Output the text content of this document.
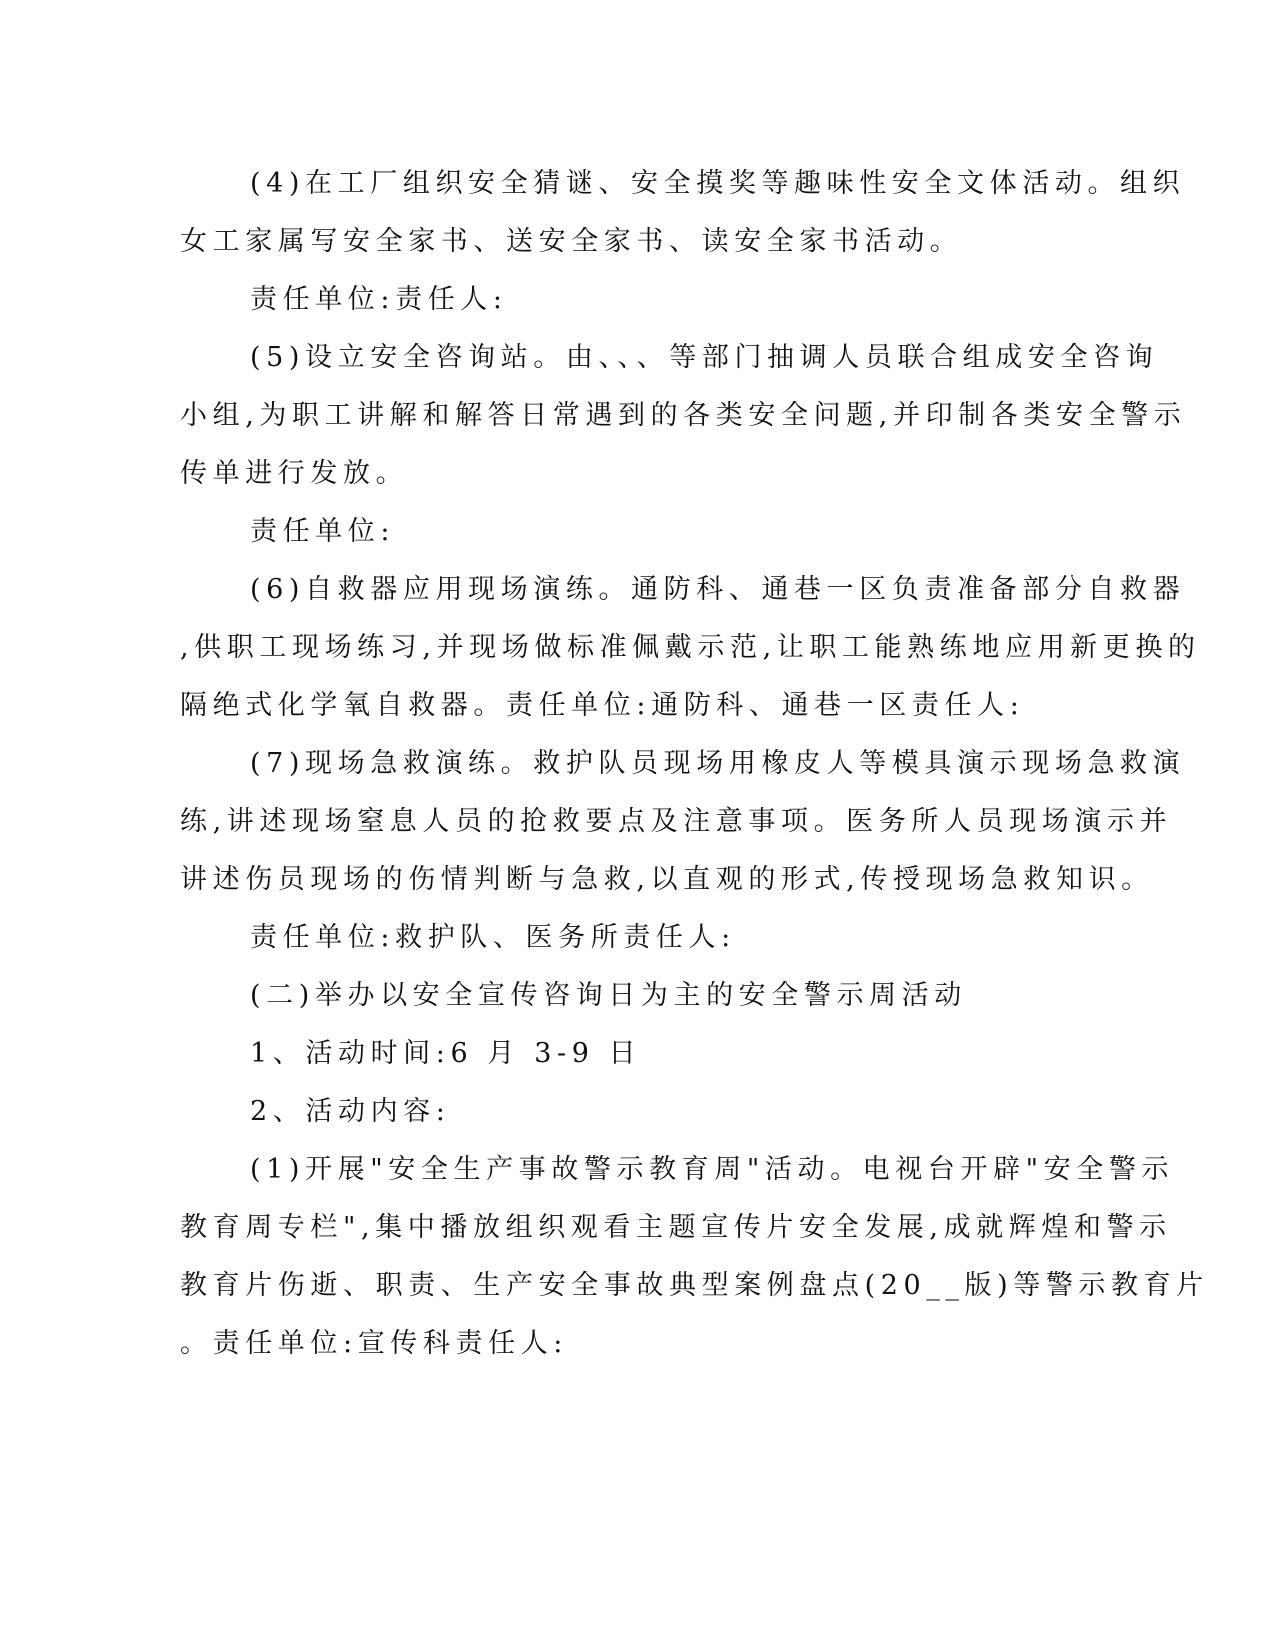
(4)在工厂组织安全猜谜、安全摸奖等趣味性安全文体活动。组织
女工家属写安全家书、送安全家书、读安全家书活动。
责任单位:责任人:
(5)设立安全咨询站。由、、、等部门抽调人员联合组成安全咨询
小组,为职工讲解和解答日常遇到的各类安全问题,并印制各类安全警示
传单进行发放。
责任单位:
(6)自救器应用现场演练。通防科、通巷一区负责准备部分自救器
,供职工现场练习,并现场做标准佩戴示范,让职工能熟练地应用新更换的
隔绝式化学氧自救器。责任单位:通防科、通巷一区责任人:
(7)现场急救演练。救护队员现场用橡皮人等模具演示现场急救演
练,讲述现场窒息人员的抢救要点及注意事项。医务所人员现场演示并
讲述伤员现场的伤情判断与急救,以直观的形式,传授现场急救知识。
责任单位:救护队、医务所责任人:
(二)举办以安全宣传咨询日为主的安全警示周活动
1、活动时间:6 月 3-9 日
2、活动内容:
(1)开展"安全生产事故警示教育周"活动。电视台开辟"安全警示
教育周专栏",集中播放组织观看主题宣传片安全发展,成就辉煌和警示
教育片伤逝、职责、生产安全事故典型案例盘点(20__版)等警示教育片
。责任单位:宣传科责任人:
